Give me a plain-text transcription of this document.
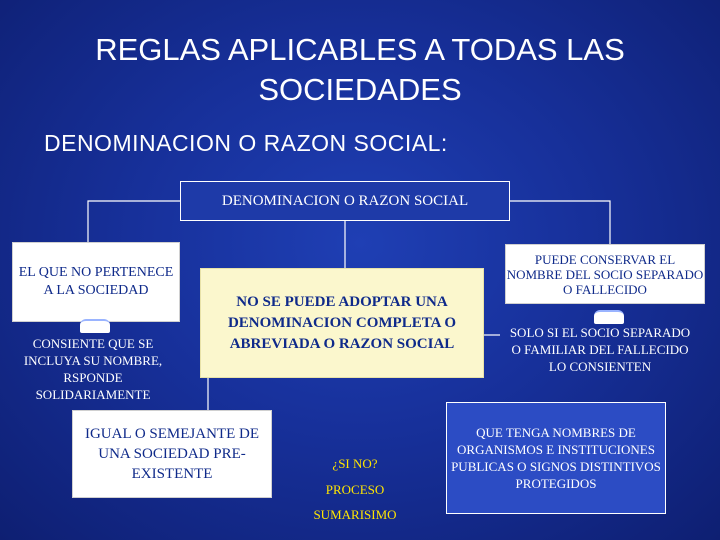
REGLAS APLICABLES A TODAS LAS SOCIEDADES
DENOMINACION O RAZON SOCIAL:
DENOMINACION O RAZON SOCIAL
EL QUE NO PERTENECE A LA SOCIEDAD
CONSIENTE QUE SE INCLUYA SU NOMBRE, RSPONDE SOLIDARIAMENTE
NO SE PUEDE ADOPTAR UNA DENOMINACION COMPLETA O ABREVIADA O RAZON SOCIAL
PUEDE CONSERVAR EL NOMBRE DEL SOCIO SEPARADO O FALLECIDO
SOLO SI EL SOCIO SEPARADO O FAMILIAR DEL FALLECIDO LO CONSIENTEN
IGUAL O SEMEJANTE DE UNA SOCIEDAD PRE-EXISTENTE
¿SI NO?
PROCESO
SUMARISIMO
QUE TENGA NOMBRES DE ORGANISMOS E INSTITUCIONES PUBLICAS O SIGNOS DISTINTIVOS PROTEGIDOS
